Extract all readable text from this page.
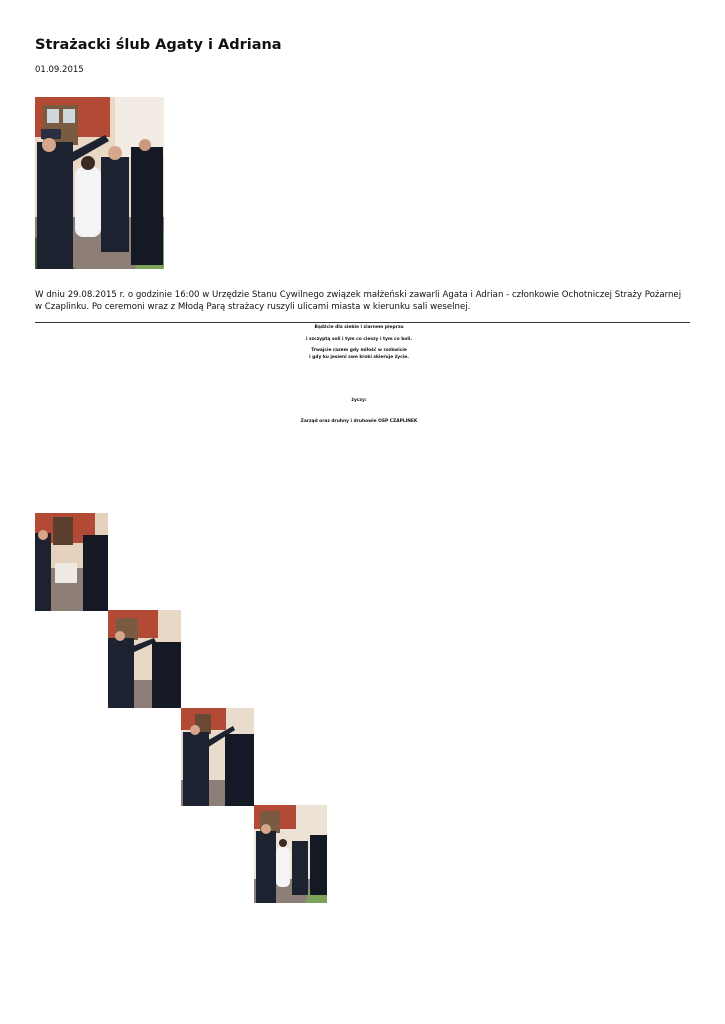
Strażacki ślub Agaty i Adriana
01.09.2015

W dniu 29.08.2015 r. o godzinie 16:00 w Urzędzie Stanu Cywilnego związek małżeński zawarli Agata i Adrian - członkowie Ochotniczej Straży Pożarnej w Czaplinku. Po ceremoni wraz z Młodą Parą strażacy ruszyli ulicami miasta w kierunku sali weselnej.

Bądźcie dla siebie i ziarnem pieprzu
i szczyptą soli i tym co cieszy i tym co boli.
Trwajcie razem gdy miłość w rozkwicie
i gdy ku jesieni swe kroki skieruje życie.
życzy:
Zarząd oraz druhny i druhowie OSP CZAPLINEK
